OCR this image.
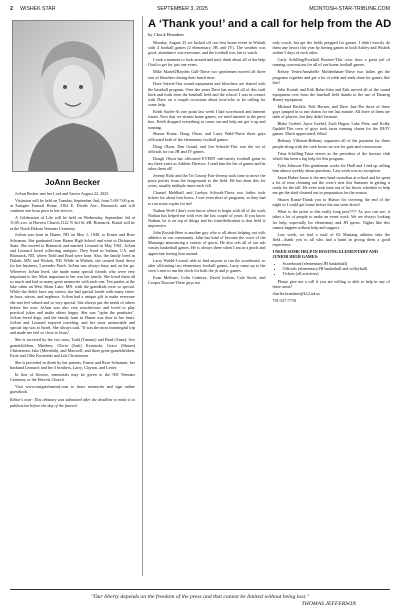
2 WISHEK STAR	SEPTEMBER 3, 2025	MCINTOSH-STAR-TRIBUNE.COM
JoAnn Becker

JoAnn Becker met her Lord and Savior August 22, 2025.

Visitation will be held on Tuesday, September 2nd, from 5:00-7:00 p.m. at Eastgate Funeral Home, 2302 E. Divide Ave., Bismarck, and will continue one hour prior to her service.

A Celebration of Life will be held on Wednesday, September 3rd at 11:00 a.m. at Harvest Church,1122 N 3rd St, #B, Bismarck. Burial will be at the North Dakota Veterans Cemetery.

JoAnn was born in Hazen, ND on May 1, 1940, to Ernest and Rose Schramm. She graduated from Hazen High School and went to Dickinson State. She moved to Bismarck and married Leonard in May 1961. JoAnn and Leonard loved collecting antiques. They lived in Salinas, CA, and Bismarck, ND, where Todd and Brad were born. Also, the family lived in Duluth, MN, and Wishek, ND. While in Wishek, she created floral decor for her business, Lavender Patch. JoAnn was always busy and on the go. Wherever JoAnn lived, she made many special friends who were very important to her. Most important to her was her family. She loved them all so much and had so many great memories with each one. Tea parties at the lake cabin on West Silent Lake, MN, with the grandkids were so special. While she didn't have any sisters, she had special bonds with many sister-in-laws, nieces, and nephews. JoAnn had a unique gift to make everyone she met feel valued and so very special. She always put the needs of others before her own. JoAnn was also very mischievous and loved to play practical jokes and make others happy. She was "quite the prankster". JoAnn loved dogs, and the family farm in Hazen was dear to her heart. JoAnn and Leonard enjoyed traveling, and her most memorable and special trip was to Israel. She always said, "It was the most meaningful trip and made me feel so close to Jesus".

She is survived by her two sons, Todd (Tammy) and Brad (Anne); five grandchildren, Matthew, Olivia (Josh) Kosienski, Grace (Shawn) Christensen, Jake (Meredith), and Maxwell; and three great-grandchildren, Essie and Ollie Kosienski and Lila Christensen.

She is preceded in death by her parents, Ernest and Rose Schramm; her husband Leonard; and her 3 brothers, Larry, Clayton, and Lester.

In lieu of flowers, memorials may be given to the ND Veterans Cemetery or the Harvest Church.

Visit www.eastgatefuneral.com to share memories and sign online guestbook.

Editor's note: This obituary was submitted after the deadline to make it to publication before the day of the funeral.

A ‘Thank you!’ and a call for help from the AD
by Chuck Brandner

Monday, August 25 we kicked off our first home event in Wishek with 4 football games (2 elementary, JH, and JV). The weather was good, attendance was awesome, and the football was fun to watch.

I took a moment to look around and truly think about all of the help I had to get for just one event.

Mike Martell/Rayden Gall-These two gentlemen moved all three sets of bleachers during their lunch time.

Dave Salwei-Our sound equipment and bleachers are shared with the baseball program. Over the years Dave has moved all of this stuff back and forth from the baseball field and the school. I was in contact with Dave on a couple occasions about how/who to be calling for some help.

Keith Sayler-At one point last week I had scoreboard and internet issues. Now that we stream home games, we need internet in the press box. Keith dropped everything to come out and help me get it up and running.

Shawn Kuntz, Doug Olson, and Larry Wald-These three guys officiated both of the elementary football games.

Doug Olson, Dan Grand, and Jon Scheele-This was the set of officials for our JH and JV games.

Dough Olson has officiated EVERY sub-varsity football game in my three years as Athletic Director. I send him the list of games and he takes them all!

Jeremy Rohr and the Tri County Fair-Jeremy took time to move the porta potties from the fairgrounds to the field. He has done this for years, usually multiple times each fall.

Chantel Mehlhaff and Laekyn Schwab-These two ladies took tickets for about four hours. I was even short of programs, so they had to run some copies for me!

Nathan Wolf-I don't even know where to begin with all of the work Nathan has helped me with over the last couple of years. If you know Nathan, he is on top of things and his time/dedication to that field is impressive.

John Kosiak-Here is another guy who is all about helping out with athletics in our community. John has kind of become the voice of the Mustangs announcing a variety of sports. He also refs all of our sub varsity basketball games. He is always there when I am in a pinch and appreciate having him around.

Larry Waldd-I wasn't able to find anyone to run the scoreboard, so after officiating two elementary football games, Larry came up to the crow's nest to run the clock for both the jh and jv games.

Evan Mellmer, Colin Crabtree, David Jochim, Cole Stock, and Cooper Doosan-These guys not

only coach, but get the fields prepped for games. I didn't exactly do them any favors this year by having games in both Ashley and Wishek within 5 days of each other.

Carly Schilling/Football Booster-This crew does a great job of running concessions for all of our home football games.

Kelsey Vetter/Annabelle Moldenhauer-These two ladies get the programs together and get a lot of odds and ends done for games like this!

John Kosiak and Erik Bohn-John and Erik moved all of the sound equipment over from the baseball field thanks to the use of Dauerig Honey equipment.

Michael Bechtle, Neil Horner, and Dave Just-The three of these guys jumped in to run chains for me last minute. All three of them are dads of players, but they didn't hesitate.

Blake Goebel, Jayce Goebel, Zach Hagen, Luke Pietz, and Kolby Opdahl-This crew of guys took turns running chains for the JH/JV games. Much appreciated, fellas!

Bethany Villasurt-Bethany organizes all of the payment for these people along with the cash boxes we use for gate and concessions.

Trina Schilling-Trina serves as the president of the booster club which has been a big help for this program.

Tyler Johnson-This gentleman works for Hadl and I end up calling him almost weekly about questions. Last week was no exception.

Jason Huber-Jason is the new head custodian at school and he spent a lot of time cleaning out the crow's nest this Summer in getting it ready for the fall. He even took time out of his hectic schedule to help me get the shed cleaned out in preparation for the season.

Shawn Kuntz-Thank you to Shawn for covering the end of the night so I could get home before the sun went down!

What is the point to this really long post???? As you can see, it takes a lot of people to make an event work. We are always looking for help, especially for elementary and JH sports. Nights like this cannot happen without help and support.

Last week, we had a total of 65 Mustang athletes take the field....thank you to all who had a hand in giving them a good experience.

I NEED SOME HELP IN HOSTING ELEMENTARY AND JUNIOR HIGH GAMES:

• Scoreboard (elementary/JH basketball)
• Officials (elementary/JH basketball and volleyball)
• Tickets (all activities)

Please give me a call if you are willing or able to help in any of these areas!

charles.brandner@k12.nd.us

701-527-7718

"Our liberty depends on the freedom of the press and that cannot be limited without being lost."
THOMAS JEFFERSON
